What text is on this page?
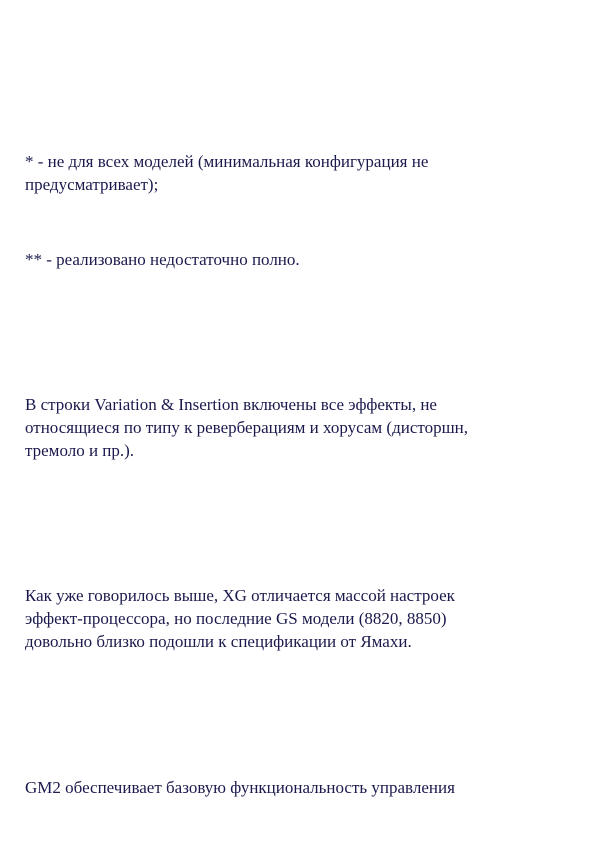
* - не для всех моделей (минимальная конфигурация не
предусматривает);
** - реализовано недостаточно полно.
В строки Variation & Insertion включены все эффекты, не
относящиеся по типу к реверберациям и хорусам (дисторшн,
тремоло и пр.).
Как уже говорилось выше, XG отличается массой настроек
эффект-процессора, но последние GS модели (8820, 8850)
довольно близко подошли к спецификации от Ямахи.
GM2 обеспечивает базовую функциональность управления
